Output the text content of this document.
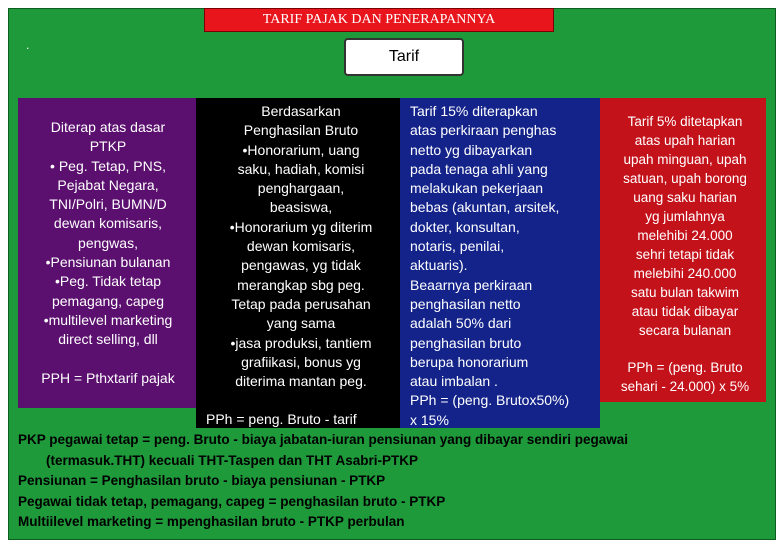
TARIF PAJAK DAN PENERAPANNYA
.
Tarif
Diterap atas dasar
PTKP
• Peg. Tetap, PNS,
Pejabat Negara,
TNI/Polri, BUMN/D
dewan komisaris,
pengwas,
•Pensiunan bulanan
•Peg. Tidak tetap
pemagang, capeg
•multilevel marketing
direct selling, dll
PPH = Pthxtarif pajak
Berdasarkan
Penghasilan Bruto
•Honorarium, uang
saku, hadiah, komisi
penghargaan,
beasiswa,
•Honorarium yg diterim
dewan komisaris,
pengawas, yg tidak
merangkap sbg peg.
Tetap pada perusahan
yang sama
•jasa produksi, tantiem
grafiikasi, bonus yg
diterima mantan peg.
PPh = peng. Bruto - tarif
Tarif 15% diterapkan
atas perkiraan penghas
netto yg dibayarkan
pada tenaga ahli yang
melakukan pekerjaan
bebas (akuntan, arsitek,
dokter, konsultan,
notaris, penilai,
aktuaris).
Beaarnya perkiraan
penghasilan netto
adalah 50% dari
penghasilan bruto
berupa honorarium
atau imbalan .
PPh = (peng. Brutox50%)
x 15%
Tarif 5% ditetapkan
atas upah harian
upah minguan, upah
satuan, upah borong
uang saku harian
yg jumlahnya
melehibi 24.000
sehri tetapi tidak
melebihi 240.000
satu bulan takwim
atau tidak dibayar
secara bulanan
PPh = (peng. Bruto
sehari - 24.000) x 5%
PKP pegawai tetap = peng. Bruto - biaya jabatan-iuran pensiunan yang dibayar sendiri pegawai
(termasuk.THT) kecuali THT-Taspen dan THT Asabri-PTKP
Pensiunan = Penghasilan bruto - biaya pensiunan - PTKP
Pegawai tidak tetap, pemagang, capeg = penghasilan bruto - PTKP
Multiilevel marketing = mpenghasilan bruto - PTKP perbulan
